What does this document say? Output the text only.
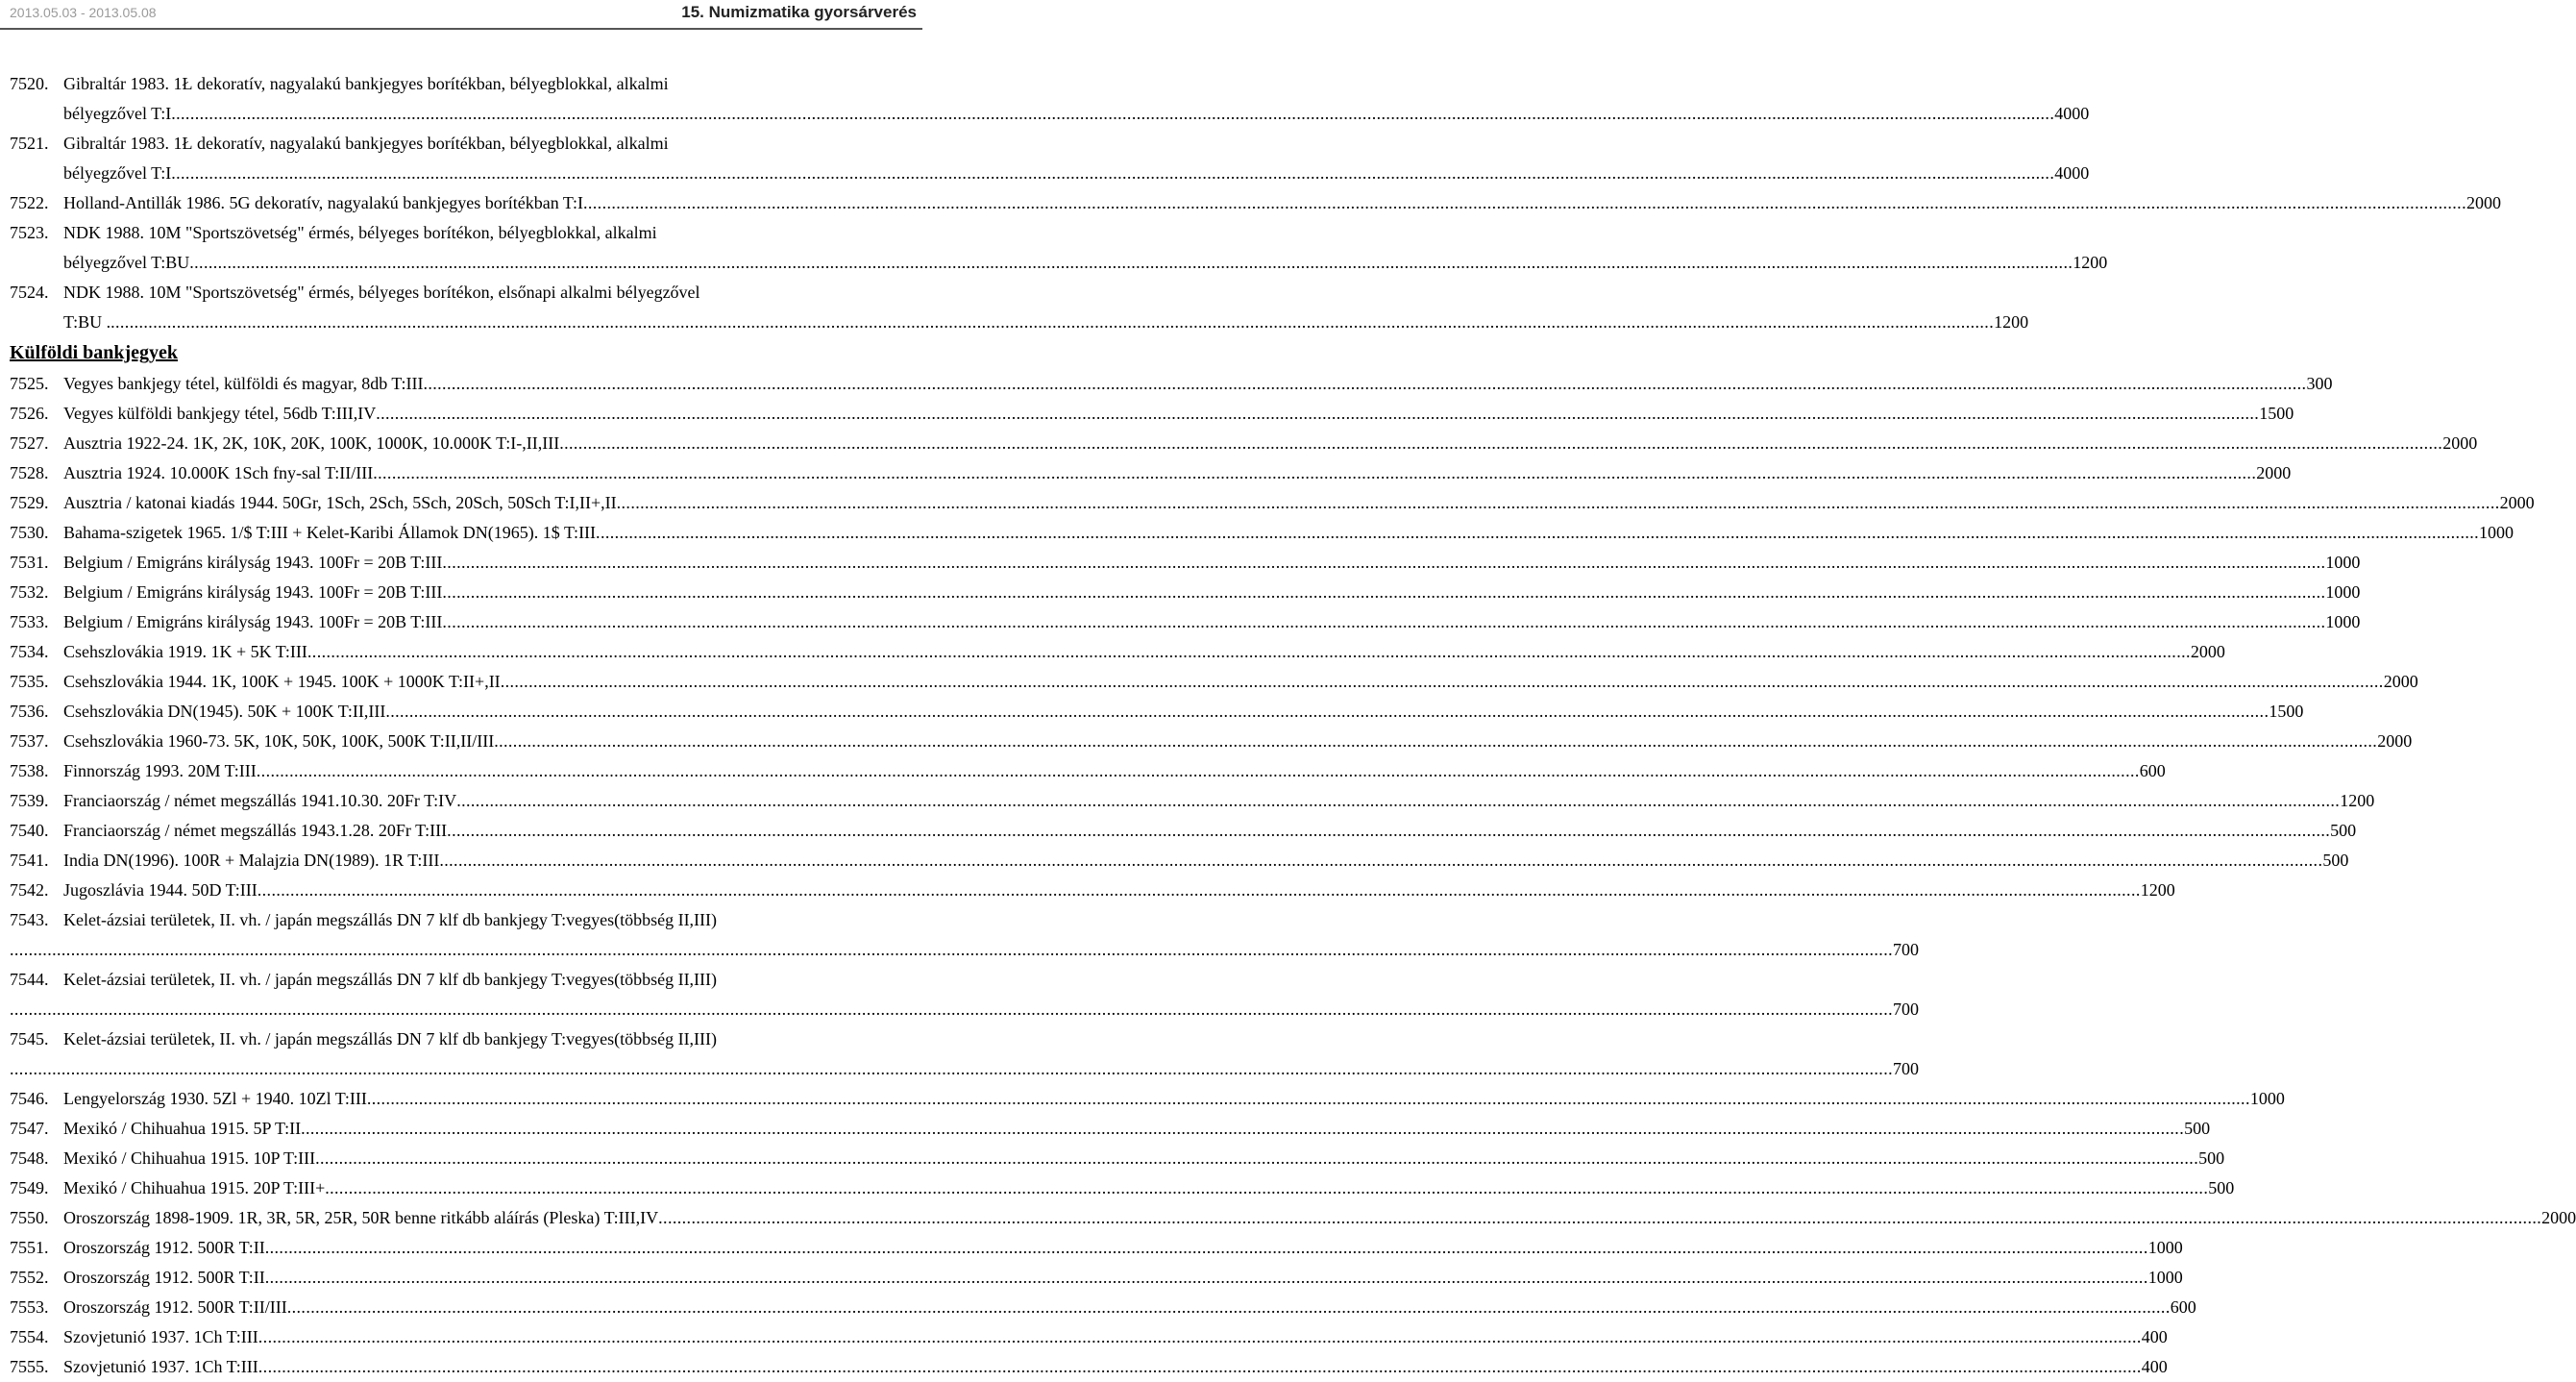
2013.05.03 - 2013.05.08	15. Numizmatika gyorsárverés
7520. Gibraltár 1983. 1Ł dekoratív, nagyalakú bankjegyes borítékban, bélyegblokkal, alkalmi
bélyegzővel T:I ................................................................................................................................................................................................................................................................................................................................................................................................................ 4000
7521. Gibraltár 1983. 1Ł dekoratív, nagyalakú bankjegyes borítékban, bélyegblokkal, alkalmi
bélyegzővel T:I ................................................................................................................................................................................................................................................................................................................................................................................................................ 4000
7522. Holland-Antillák 1986. 5G dekoratív, nagyalakú bankjegyes borítékban T:I ................................................................................................................................................................................................................................................................................................................................................................................................................ 2000
7523. NDK 1988. 10M "Sportszövetség" érmés, bélyeges borítékon, bélyegblokkal, alkalmi
bélyegzővel T:BU ................................................................................................................................................................................................................................................................................................................................................................................................................ 1200
7524. NDK 1988. 10M "Sportszövetség" érmés, bélyeges borítékon, elsőnapi alkalmi bélyegzővel
T:BU . ................................................................................................................................................................................................................................................................................................................................................................................................................ 1200
Külföldi bankjegyek
7525. Vegyes bankjegy tétel, külföldi és magyar, 8db T:III ................................................................................................................................................................................................................................................................................................................................................................................................................ 300
7526. Vegyes külföldi bankjegy tétel, 56db T:III,IV ................................................................................................................................................................................................................................................................................................................................................................................................................ 1500
7527. Ausztria 1922-24. 1K, 2K, 10K, 20K, 100K, 1000K, 10.000K T:I-,II,III ................................................................................................................................................................................................................................................................................................................................................................................................................ 2000
7528. Ausztria 1924. 10.000K 1Sch fny-sal T:II/III ................................................................................................................................................................................................................................................................................................................................................................................................................ 2000
7529. Ausztria / katonai kiadás 1944. 50Gr, 1Sch, 2Sch, 5Sch, 20Sch, 50Sch T:I,II+,II ................................................................................................................................................................................................................................................................................................................................................................................................................ 2000
7530. Bahama-szigetek 1965. 1/$ T:III + Kelet-Karibi Államok DN(1965). 1$ T:III ................................................................................................................................................................................................................................................................................................................................................................................................................ 1000
7531. Belgium / Emigráns királyság 1943. 100Fr = 20B T:III ................................................................................................................................................................................................................................................................................................................................................................................................................ 1000
7532. Belgium / Emigráns királyság 1943. 100Fr = 20B T:III ................................................................................................................................................................................................................................................................................................................................................................................................................ 1000
7533. Belgium / Emigráns királyság 1943. 100Fr = 20B T:III ................................................................................................................................................................................................................................................................................................................................................................................................................ 1000
7534. Csehszlovákia 1919. 1K + 5K T:III ................................................................................................................................................................................................................................................................................................................................................................................................................ 2000
7535. Csehszlovákia 1944. 1K, 100K + 1945. 100K + 1000K T:II+,II ................................................................................................................................................................................................................................................................................................................................................................................................................ 2000
7536. Csehszlovákia DN(1945). 50K + 100K T:II,III ................................................................................................................................................................................................................................................................................................................................................................................................................ 1500
7537. Csehszlovákia 1960-73. 5K, 10K, 50K, 100K, 500K T:II,II/III ................................................................................................................................................................................................................................................................................................................................................................................................................ 2000
7538. Finnország 1993. 20M T:III ................................................................................................................................................................................................................................................................................................................................................................................................................ 600
7539. Franciaország / német megszállás 1941.10.30. 20Fr T:IV ................................................................................................................................................................................................................................................................................................................................................................................................................ 1200
7540. Franciaország / német megszállás 1943.1.28. 20Fr T:III ................................................................................................................................................................................................................................................................................................................................................................................................................ 500
7541. India DN(1996). 100R + Malajzia DN(1989). 1R T:III ................................................................................................................................................................................................................................................................................................................................................................................................................ 500
7542. Jugoszlávia 1944. 50D T:III ................................................................................................................................................................................................................................................................................................................................................................................................................ 1200
7543. Kelet-ázsiai területek, II. vh. / japán megszállás DN 7 klf db bankjegy T:vegyes(többség II,III)
................................................................................................................................................................................................................................................................................................................................................................................................................ 700
7544. Kelet-ázsiai területek, II. vh. / japán megszállás DN 7 klf db bankjegy T:vegyes(többség II,III)
................................................................................................................................................................................................................................................................................................................................................................................................................ 700
7545. Kelet-ázsiai területek, II. vh. / japán megszállás DN 7 klf db bankjegy T:vegyes(többség II,III)
................................................................................................................................................................................................................................................................................................................................................................................................................ 700
7546. Lengyelország 1930. 5Zl + 1940. 10Zl T:III ................................................................................................................................................................................................................................................................................................................................................................................................................ 1000
7547. Mexikó / Chihuahua 1915. 5P T:II ................................................................................................................................................................................................................................................................................................................................................................................................................ 500
7548. Mexikó / Chihuahua 1915. 10P T:III ................................................................................................................................................................................................................................................................................................................................................................................................................ 500
7549. Mexikó / Chihuahua 1915. 20P T:III+ ................................................................................................................................................................................................................................................................................................................................................................................................................ 500
7550. Oroszország 1898-1909. 1R, 3R, 5R, 25R, 50R benne ritkább aláírás (Pleska) T:III,IV ................................................................................................................................................................................................................................................................................................................................................................................................................ 2000
7551. Oroszország 1912. 500R T:II ................................................................................................................................................................................................................................................................................................................................................................................................................ 1000
7552. Oroszország 1912. 500R T:II ................................................................................................................................................................................................................................................................................................................................................................................................................ 1000
7553. Oroszország 1912. 500R T:II/III ................................................................................................................................................................................................................................................................................................................................................................................................................ 600
7554. Szovjetunió 1937. 1Ch T:III ................................................................................................................................................................................................................................................................................................................................................................................................................ 400
7555. Szovjetunió 1937. 1Ch T:III ................................................................................................................................................................................................................................................................................................................................................................................................................ 400
